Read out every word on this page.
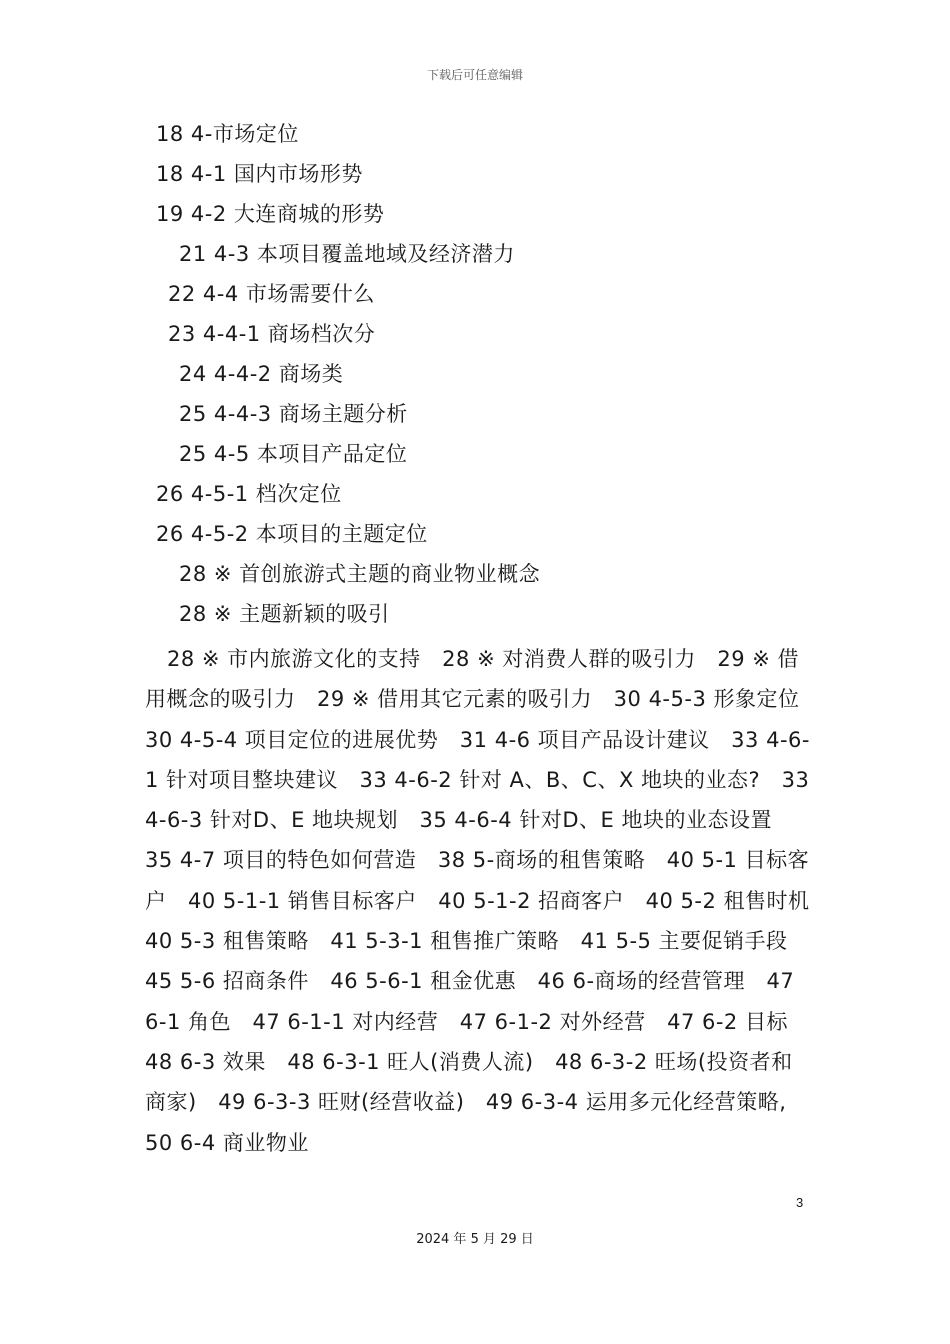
下载后可任意编辑
18 4-市场定位
18 4-1 国内市场形势
19 4-2 大连商城的形势
21 4-3 本项目覆盖地域及经济潜力
22 4-4 市场需要什么
23 4-4-1 商场档次分
24 4-4-2 商场类
25 4-4-3 商场主题分析
25 4-5 本项目产品定位
26 4-5-1 档次定位
26 4-5-2 本项目的主题定位
28 ※ 首创旅游式主题的商业物业概念
28 ※ 主题新颖的吸引
28 ※ 市内旅游文化的支持　28 ※ 对消费人群的吸引力　29 ※ 借用概念的吸引力　29 ※ 借用其它元素的吸引力　30 4-5-3 形象定位　30 4-5-4 项目定位的进展优势　31 4-6 项目产品设计建议　33 4-6-1 针对项目整块建议　33 4-6-2 针对 A、B、C、X 地块的业态?　33 4-6-3 针对D、E 地块规划　35 4-6-4 针对D、E 地块的业态设置　35 4-7 项目的特色如何营造　38 5-商场的租售策略　40 5-1 目标客户　40 5-1-1 销售目标客户　40 5-1-2 招商客户　40 5-2 租售时机　40 5-3 租售策略　41 5-3-1 租售推广策略　41 5-5 主要促销手段　45 5-6 招商条件　46 5-6-1 租金优惠　46 6-商场的经营管理　47 6-1 角色　47 6-1-1 对内经营　47 6-1-2 对外经营　47 6-2 目标　48 6-3 效果　48 6-3-1 旺人(消费人流)　48 6-3-2 旺场(投资者和商家)　49 6-3-3 旺财(经营收益)　49 6-3-4 运用多元化经营策略,　50 6-4 商业物业
3
2024 年 5 月 29 日
